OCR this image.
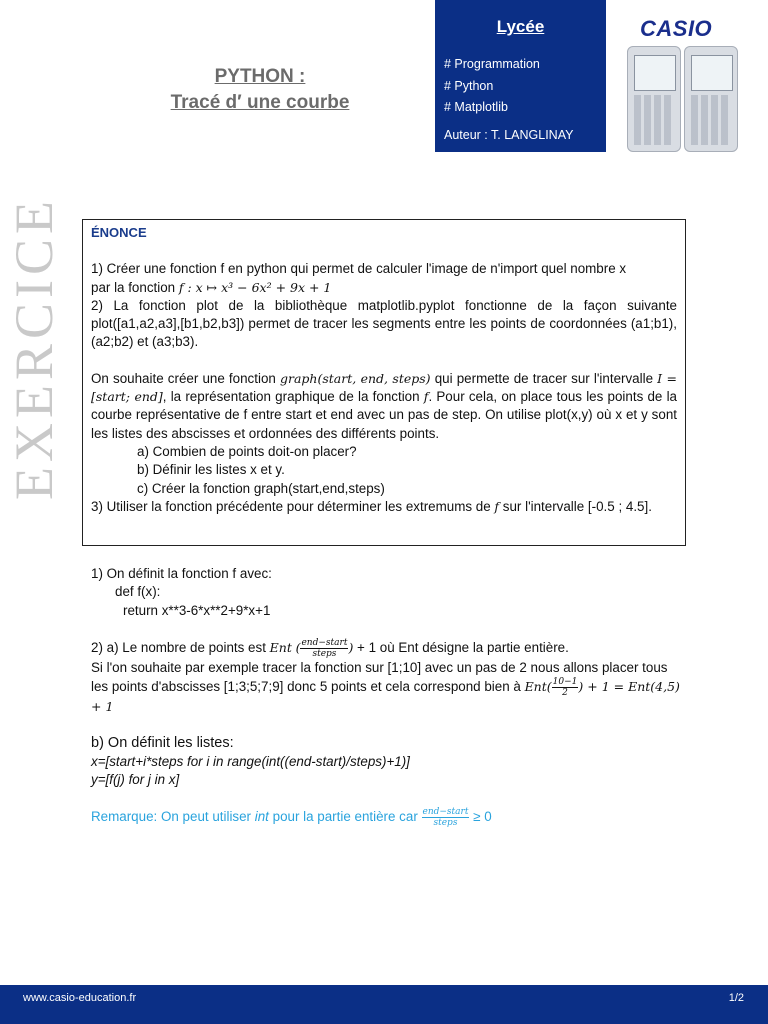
PYTHON :
Tracé d′ une courbe
Lycée
# Programmation
# Python
# Matplotlib
Auteur : T. LANGLINAY
CASIO
EXERCICE ÉNONCE

1) Créer une fonction f en python qui permet de calculer l'image de n'import quel nombre x

par la fonction f : x ↦ x³ − 6x² + 9x + 1

2) La fonction plot de la bibliothèque matplotlib.pyplot fonctionne de la façon suivante plot([a1,a2,a3],[b1,b2,b3]) permet de tracer les segments entre les points de coordonnées (a1;b1), (a2;b2) et (a3;b3).

On souhaite créer une fonction graph(start, end, steps) qui permette de tracer sur l'intervalle I = [start; end], la représentation graphique de la fonction f. Pour cela, on place tous les points de la courbe représentative de f entre start et end avec un pas de step. On utilise plot(x,y) où x et y sont les listes des abscisses et ordonnées des différents points.

a) Combien de points doit-on placer?

b) Définir les listes x et y.

c) Créer la fonction graph(start,end,steps)

3) Utiliser la fonction précédente pour déterminer les extremums de f sur l'intervalle [-0.5 ; 4.5].

1) On définit la fonction f avec:

def f(x):

return x**3-6*x**2+9*x+1

2) a) Le nombre de points est Ent ( $\frac{\text{end−start}}{\text{steps}}$ ) + 1 où Ent désigne la partie entière.

Si l'on souhaite par exemple tracer la fonction sur [1;10] avec un pas de 2 nous allons placer tous les points d'abscisses [1;3;5;7;9] donc 5 points et cela correspond bien à $Ent( \frac{10-1}{2}$ ) + 1 = Ent(4,5) + 1

b) On définit les listes:

x=[start+i*steps for i in range(int((end-start)/steps)+1)]

y=[f(j) for j in x]

Remarque: On peut utiliser int pour la partie entière car $\frac{\text{end−start}}{\text{steps}} \ge 0$

www.casio-education.fr	1/2
